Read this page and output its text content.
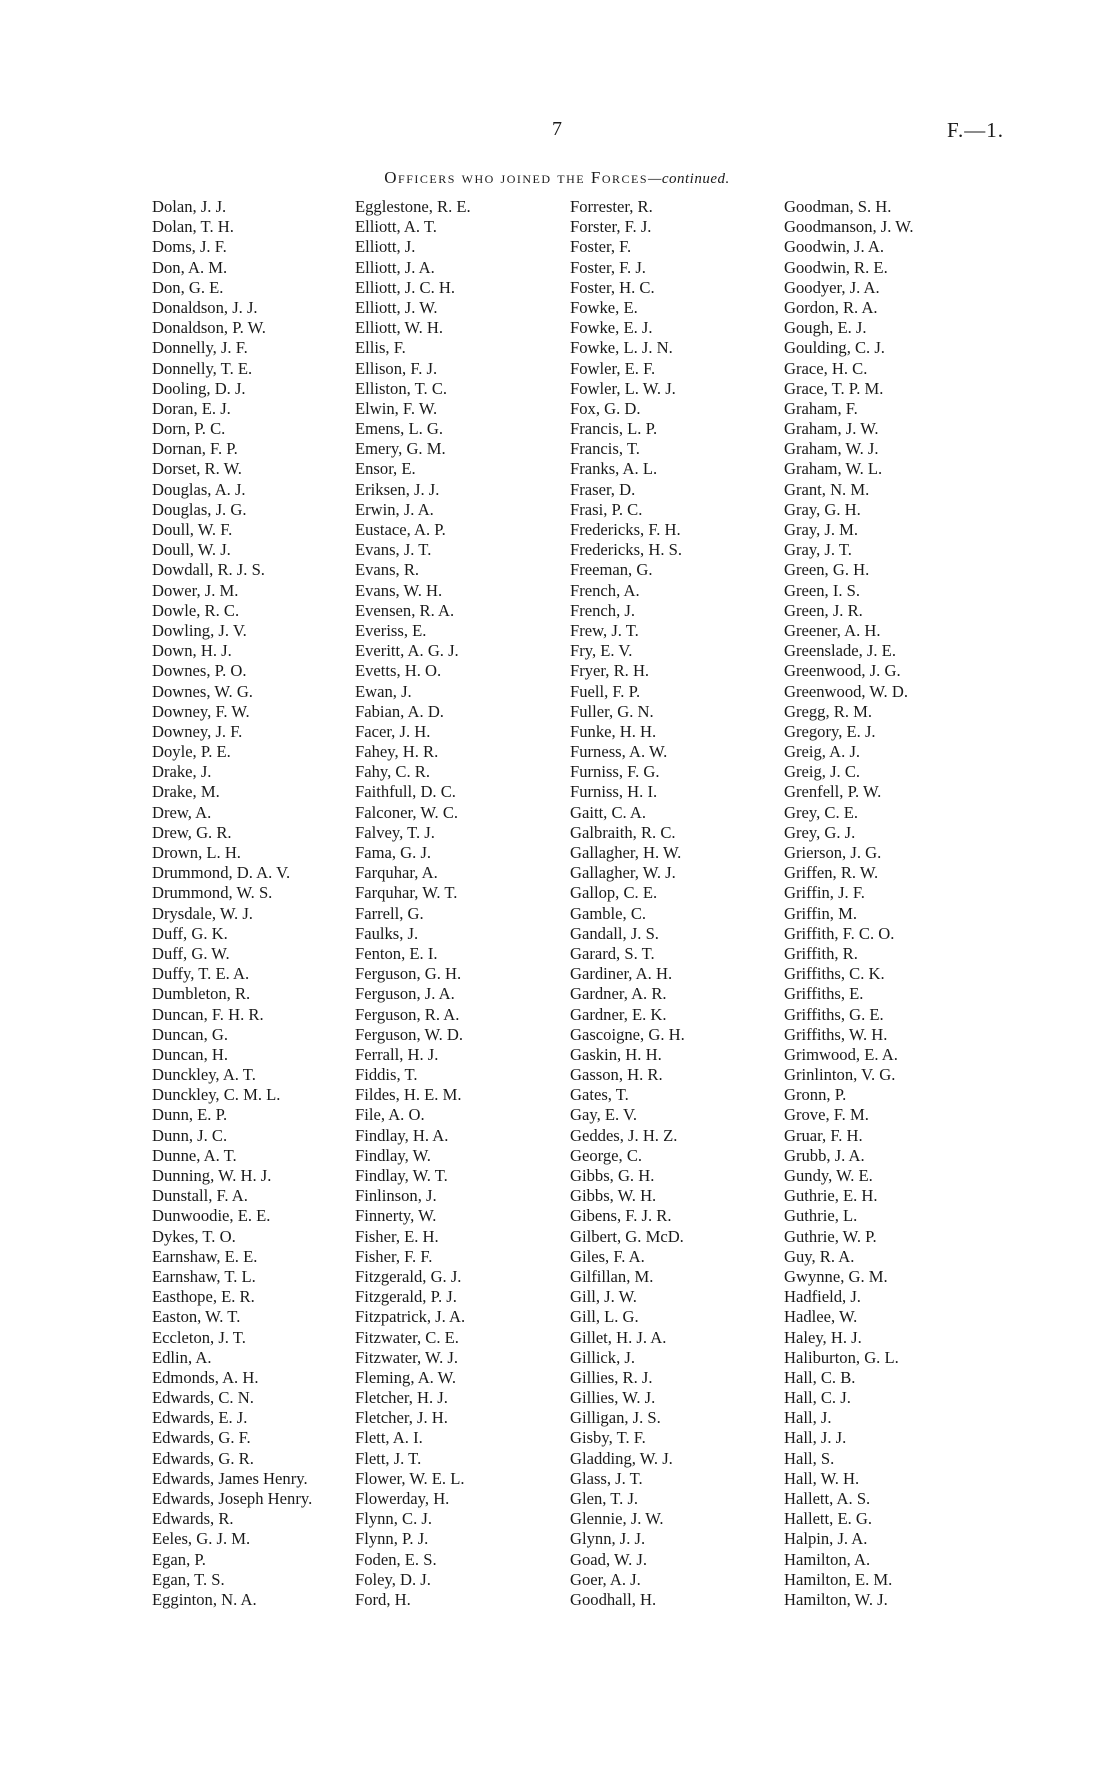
7	F.—1.
Officers who joined the Forces—continued.
Dolan, J. J.
Dolan, T. H.
Doms, J. F.
Don, A. M.
Don, G. E.
Donaldson, J. J.
Donaldson, P. W.
Donnelly, J. F.
Donnelly, T. E.
Dooling, D. J.
Doran, E. J.
Dorn, P. C.
Dornan, F. P.
Dorset, R. W.
Douglas, A. J.
Douglas, J. G.
Doull, W. F.
Doull, W. J.
Dowdall, R. J. S.
Dower, J. M.
Dowle, R. C.
Dowling, J. V.
Down, H. J.
Downes, P. O.
Downes, W. G.
Downey, F. W.
Downey, J. F.
Doyle, P. E.
Drake, J.
Drake, M.
Drew, A.
Drew, G. R.
Drown, L. H.
Drummond, D. A. V.
Drummond, W. S.
Drysdale, W. J.
Duff, G. K.
Duff, G. W.
Duffy, T. E. A.
Dumbleton, R.
Duncan, F. H. R.
Duncan, G.
Duncan, H.
Dunckley, A. T.
Dunckley, C. M. L.
Dunn, E. P.
Dunn, J. C.
Dunne, A. T.
Dunning, W. H. J.
Dunstall, F. A.
Dunwoodie, E. E.
Dykes, T. O.
Earnshaw, E. E.
Earnshaw, T. L.
Easthope, E. R.
Easton, W. T.
Eccleton, J. T.
Edlin, A.
Edmonds, A. H.
Edwards, C. N.
Edwards, E. J.
Edwards, G. F.
Edwards, G. R.
Edwards, James Henry.
Edwards, Joseph Henry.
Edwards, R.
Eeles, G. J. M.
Egan, P.
Egan, T. S.
Egginton, N. A.
Egglestone, R. E.
Elliott, A. T.
Elliott, J.
Elliott, J. A.
Elliott, J. C. H.
Elliott, J. W.
Elliott, W. H.
Ellis, F.
Ellison, F. J.
Elliston, T. C.
Elwin, F. W.
Emens, L. G.
Emery, G. M.
Ensor, E.
Eriksen, J. J.
Erwin, J. A.
Eustace, A. P.
Evans, J. T.
Evans, R.
Evans, W. H.
Evensen, R. A.
Everiss, E.
Everitt, A. G. J.
Evetts, H. O.
Ewan, J.
Fabian, A. D.
Facer, J. H.
Fahey, H. R.
Fahy, C. R.
Faithfull, D. C.
Falconer, W. C.
Falvey, T. J.
Fama, G. J.
Farquhar, A.
Farquhar, W. T.
Farrell, G.
Faulks, J.
Fenton, E. I.
Ferguson, G. H.
Ferguson, J. A.
Ferguson, R. A.
Ferguson, W. D.
Ferrall, H. J.
Fiddis, T.
Fildes, H. E. M.
File, A. O.
Findlay, H. A.
Findlay, W.
Findlay, W. T.
Finlinson, J.
Finnerty, W.
Fisher, E. H.
Fisher, F. F.
Fitzgerald, G. J.
Fitzgerald, P. J.
Fitzpatrick, J. A.
Fitzwater, C. E.
Fitzwater, W. J.
Fleming, A. W.
Fletcher, H. J.
Fletcher, J. H.
Flett, A. I.
Flett, J. T.
Flower, W. E. L.
Flowerday, H.
Flynn, C. J.
Flynn, P. J.
Foden, E. S.
Foley, D. J.
Ford, H.
Forrester, R.
Forster, F. J.
Foster, F.
Foster, F. J.
Foster, H. C.
Fowke, E.
Fowke, E. J.
Fowke, L. J. N.
Fowler, E. F.
Fowler, L. W. J.
Fox, G. D.
Francis, L. P.
Francis, T.
Franks, A. L.
Fraser, D.
Frasi, P. C.
Fredericks, F. H.
Fredericks, H. S.
Freeman, G.
French, A.
French, J.
Frew, J. T.
Fry, E. V.
Fryer, R. H.
Fuell, F. P.
Fuller, G. N.
Funke, H. H.
Furness, A. W.
Furniss, F. G.
Furniss, H. I.
Gaitt, C. A.
Galbraith, R. C.
Gallagher, H. W.
Gallagher, W. J.
Gallop, C. E.
Gamble, C.
Gandall, J. S.
Garard, S. T.
Gardiner, A. H.
Gardner, A. R.
Gardner, E. K.
Gascoigne, G. H.
Gaskin, H. H.
Gasson, H. R.
Gates, T.
Gay, E. V.
Geddes, J. H. Z.
George, C.
Gibbs, G. H.
Gibbs, W. H.
Gibens, F. J. R.
Gilbert, G. McD.
Giles, F. A.
Gilfillan, M.
Gill, J. W.
Gill, L. G.
Gillet, H. J. A.
Gillick, J.
Gillies, R. J.
Gillies, W. J.
Gilligan, J. S.
Gisby, T. F.
Gladding, W. J.
Glass, J. T.
Glen, T. J.
Glennie, J. W.
Glynn, J. J.
Goad, W. J.
Goer, A. J.
Goodhall, H.
Goodman, S. H.
Goodmanson, J. W.
Goodwin, J. A.
Goodwin, R. E.
Goodyer, J. A.
Gordon, R. A.
Gough, E. J.
Goulding, C. J.
Grace, H. C.
Grace, T. P. M.
Graham, F.
Graham, J. W.
Graham, W. J.
Graham, W. L.
Grant, N. M.
Gray, G. H.
Gray, J. M.
Gray, J. T.
Green, G. H.
Green, I. S.
Green, J. R.
Greener, A. H.
Greenslade, J. E.
Greenwood, J. G.
Greenwood, W. D.
Gregg, R. M.
Gregory, E. J.
Greig, A. J.
Greig, J. C.
Grenfell, P. W.
Grey, C. E.
Grey, G. J.
Grierson, J. G.
Griffen, R. W.
Griffin, J. F.
Griffin, M.
Griffith, F. C. O.
Griffith, R.
Griffiths, C. K.
Griffiths, E.
Griffiths, G. E.
Griffiths, W. H.
Grimwood, E. A.
Grinlinton, V. G.
Gronn, P.
Grove, F. M.
Gruar, F. H.
Grubb, J. A.
Gundy, W. E.
Guthrie, E. H.
Guthrie, L.
Guthrie, W. P.
Guy, R. A.
Gwynne, G. M.
Hadfield, J.
Hadlee, W.
Haley, H. J.
Haliburton, G. L.
Hall, C. B.
Hall, C. J.
Hall, J.
Hall, J. J.
Hall, S.
Hall, W. H.
Hallett, A. S.
Hallett, E. G.
Halpin, J. A.
Hamilton, A.
Hamilton, E. M.
Hamilton, W. J.
